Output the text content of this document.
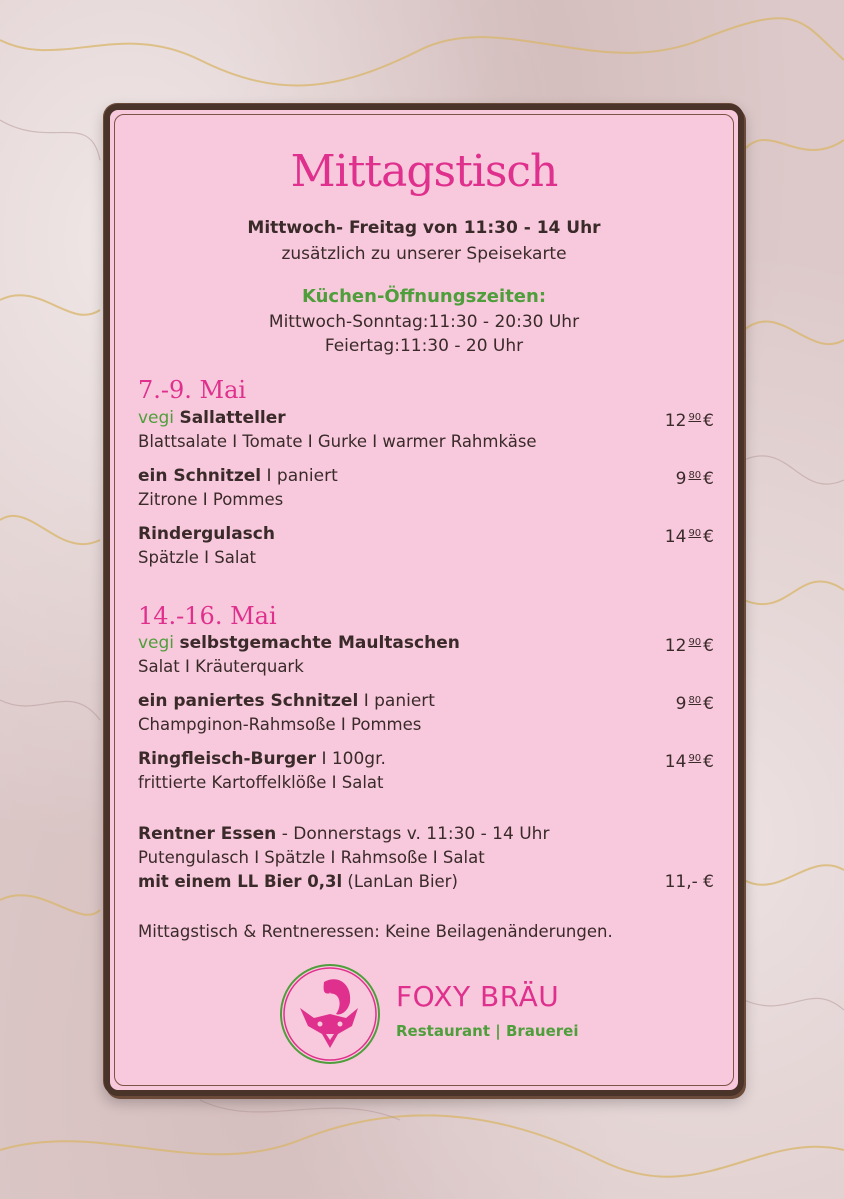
Mittagstisch
Mittwoch- Freitag von 11:30 - 14 Uhr
zusätzlich zu unserer Speisekarte
Küchen-Öffnungszeiten:
Mittwoch-Sonntag:11:30 - 20:30 Uhr
Feiertag:11:30 - 20 Uhr
7.-9. Mai
vegi Sallatteller	12 $^{90}$ €
Blattsalate I Tomate I Gurke I warmer Rahmkäse
ein Schnitzel I paniert	9 $^{80}$ €
Zitrone I Pommes
Rindergulasch	14 $^{90}$ €
Spätzle I Salat
14.-16. Mai
vegi selbstgemachte Maultaschen	12 $^{90}$ €
Salat I Kräuterquark
ein paniertes Schnitzel I paniert	9 $^{80}$ €
Champginon-Rahmsoße I Pommes
Ringfleisch-Burger I 100gr.	14 $^{90}$ €
frittierte Kartoffelklöße I Salat
Rentner Essen - Donnerstags v. 11:30 - 14 Uhr
Putengulasch I Spätzle I Rahmsoße I Salat
mit einem LL Bier 0,3l (LanLan Bier)	11,- €
Mittagstisch & Rentneressen: Keine Beilagenänderungen.
FOXY BRÄU
Restaurant | Brauerei
